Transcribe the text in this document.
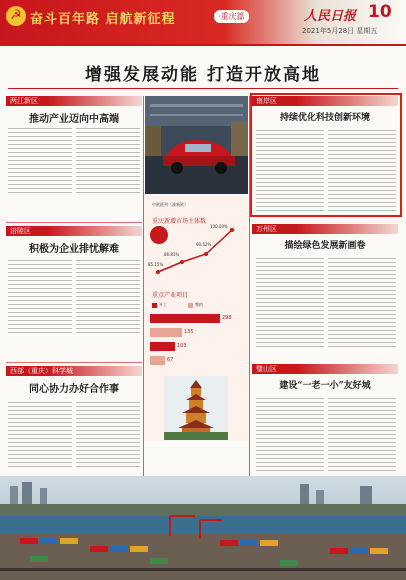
☭ 奋斗百年路 启航新征程	·重庆篇	人民日报 10
2021年5月28日 星期五
增强发展动能 打造开放高地
两江新区
推动产业迈向中高端
涪陵区
积极为企业排忧解难
西部（重庆）科学城
同心协力办好合作事
中欧班列（渝新欧）
重庆新增市场主体数
100.00%
90.52%
86.81%
85.15%
重点产业项目
开工	签约
298
135
103
67
南岸区
持续优化科技创新环境
万州区
描绘绿色发展新画卷
璧山区
建设“一老一小”友好城
